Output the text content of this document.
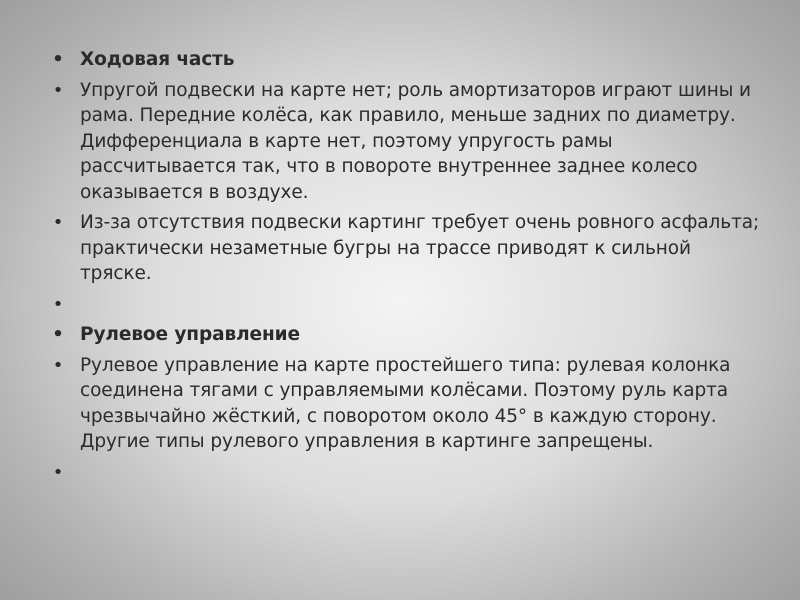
• Ходовая часть
• Упругой подвески на карте нет; роль амортизаторов играют шины и рама. Передние колёса, как правило, меньше задних по диаметру. Дифференциала в карте нет, поэтому упругость рамы рассчитывается так, что в повороте внутреннее заднее колесо оказывается в воздухе.
• Из-за отсутствия подвески картинг требует очень ровного асфальта; практически незаметные бугры на трассе приводят к сильной тряске.
•
• Рулевое управление
• Рулевое управление на карте простейшего типа: рулевая колонка соединена тягами с управляемыми колёсами. Поэтому руль карта чрезвычайно жёсткий, с поворотом около 45° в каждую сторону. Другие типы рулевого управления в картинге запрещены.
•
